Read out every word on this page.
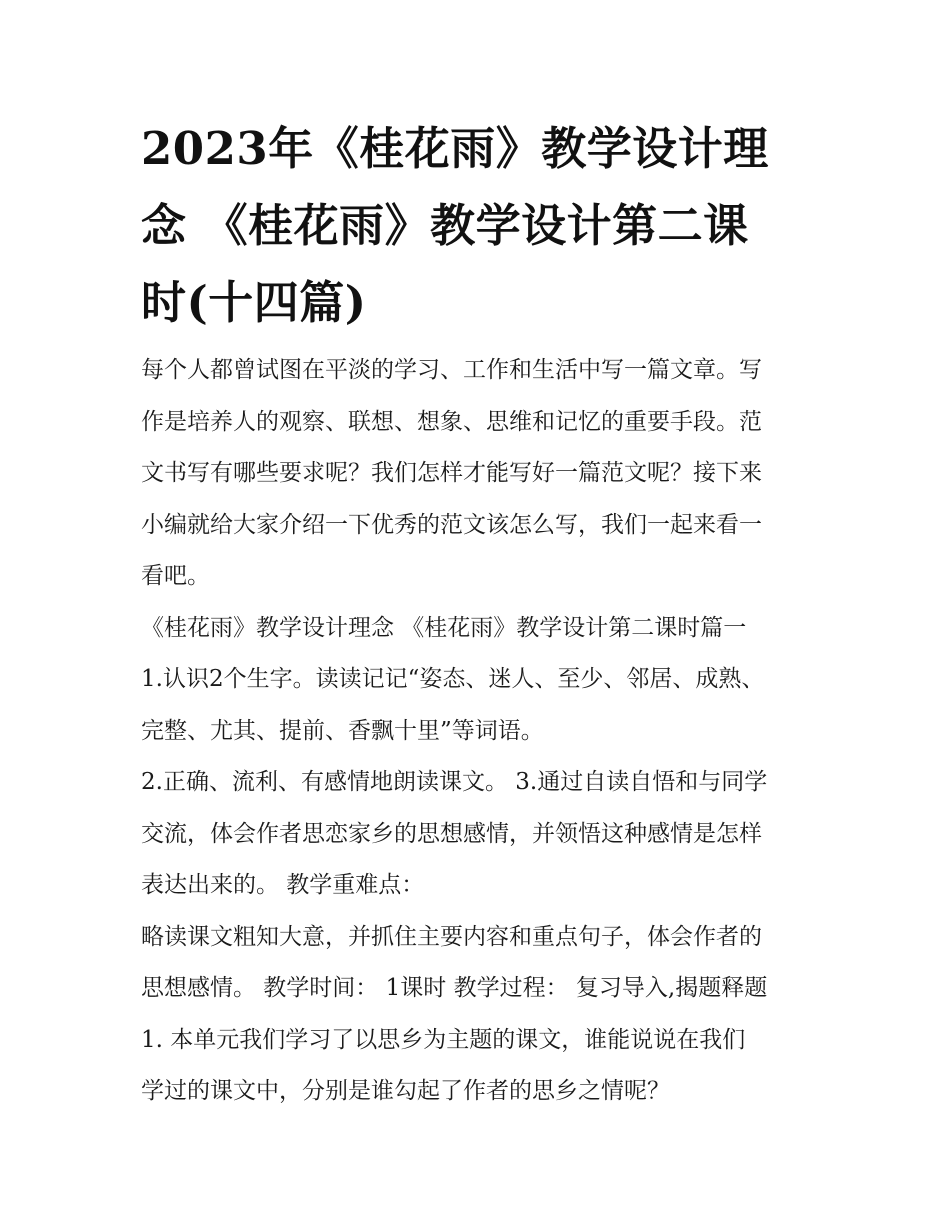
2023年《桂花雨》教学设计理
念 《桂花雨》教学设计第二课
时(十四篇)
每个人都曾试图在平淡的学习、工作和生活中写一篇文章。写
作是培养人的观察、联想、想象、思维和记忆的重要手段。范
文书写有哪些要求呢？我们怎样才能写好一篇范文呢？接下来
小编就给大家介绍一下优秀的范文该怎么写，我们一起来看一
看吧。
《桂花雨》教学设计理念 《桂花雨》教学设计第二课时篇一
1.认识2个生字。读读记记“姿态、迷人、至少、邻居、成熟、
完整、尤其、提前、香飘十里”等词语。
2.正确、流利、有感情地朗读课文。 3.通过自读自悟和与同学
交流，体会作者思恋家乡的思想感情，并领悟这种感情是怎样
表达出来的。 教学重难点：
略读课文粗知大意，并抓住主要内容和重点句子，体会作者的
思想感情。 教学时间： 1课时 教学过程： 复习导入,揭题释题
1. 本单元我们学习了以思乡为主题的课文，谁能说说在我们
学过的课文中，分别是谁勾起了作者的思乡之情呢？
